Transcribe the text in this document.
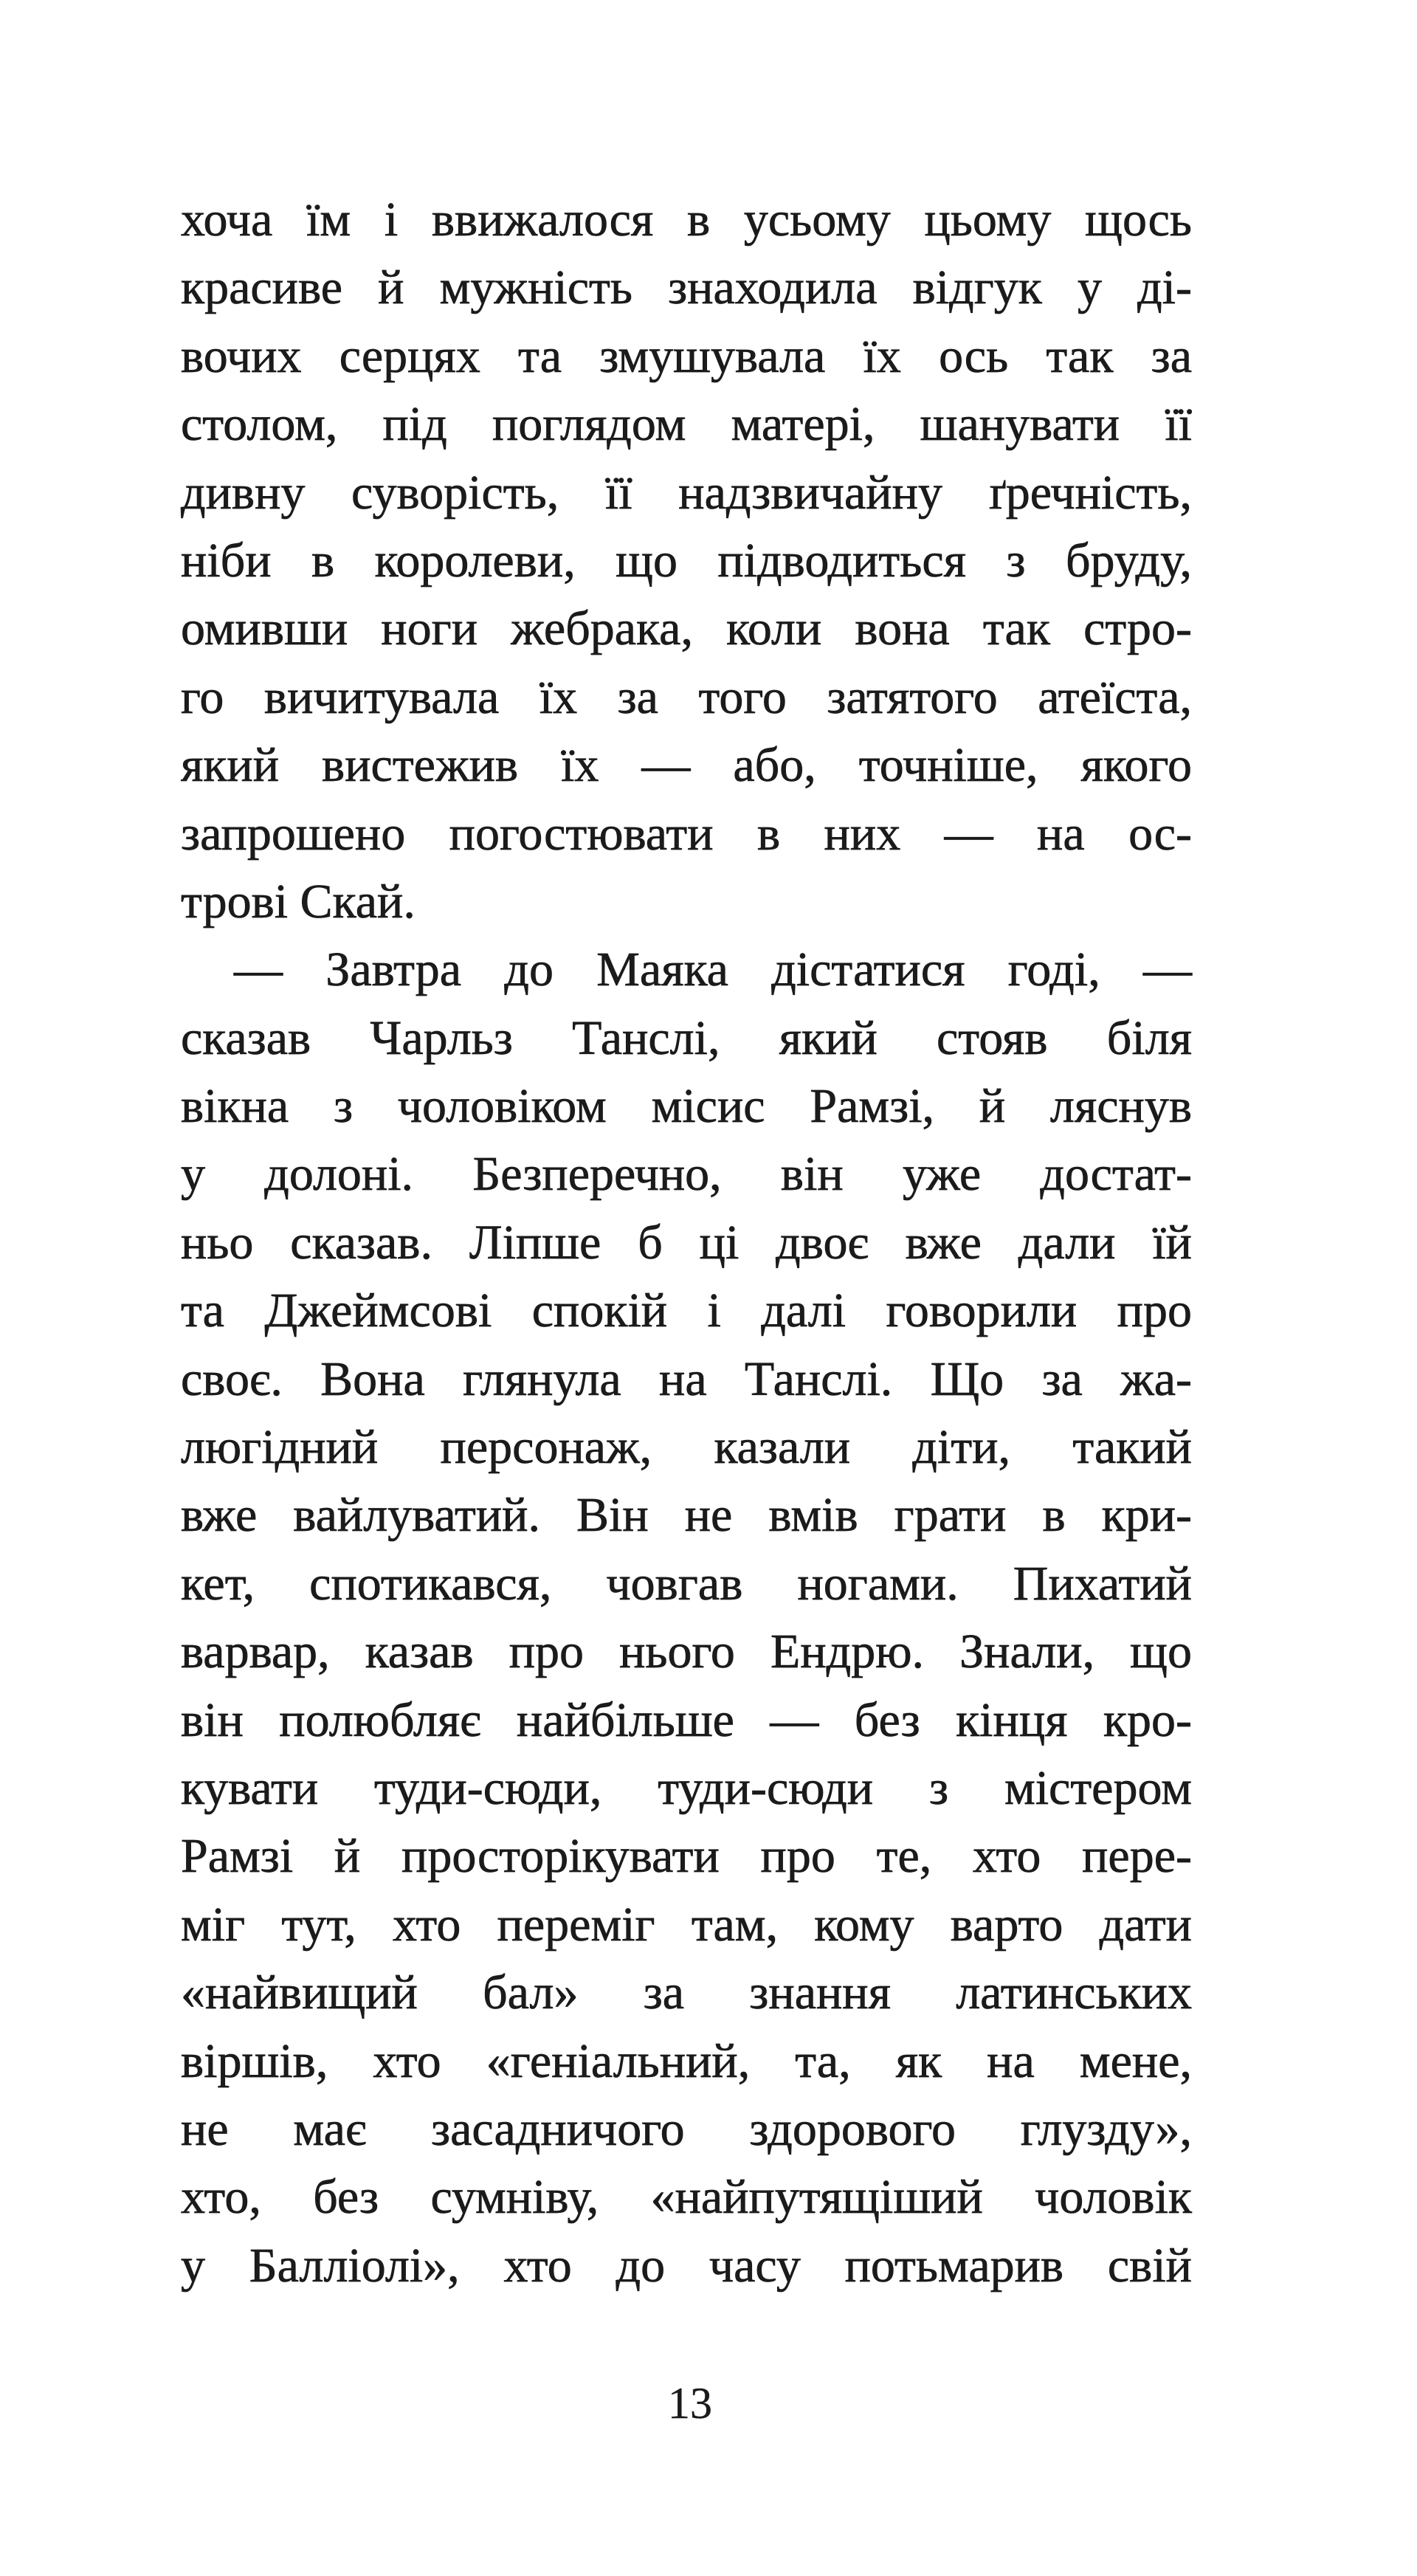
хоча їм і ввижалося в усьому цьому щось
красиве й мужність знаходила відгук у ді-
вочих серцях та змушувала їх ось так за
столом, під поглядом матері, шанувати її
дивну суворість, її надзвичайну ґречність,
ніби в королеви, що підводиться з бруду,
омивши ноги жебрака, коли вона так стро-
го вичитувала їх за того затятого атеїста,
який вистежив їх — або, точніше, якого
запрошено погостювати в них — на ос-
трові Скай.
— Завтра до Маяка дістатися годі, —
сказав Чарльз Танслі, який стояв біля
вікна з чоловіком місис Рамзі, й ляснув
у долоні. Безперечно, він уже достат-
ньо сказав. Ліпше б ці двоє вже дали їй
та Джеймсові спокій і далі говорили про
своє. Вона глянула на Танслі. Що за жа-
люгідний персонаж, казали діти, такий
вже вайлуватий. Він не вмів грати в кри-
кет, спотикався, човгав ногами. Пихатий
варвар, казав про нього Ендрю. Знали, що
він полюбляє найбільше — без кінця кро-
кувати туди-сюди, туди-сюди з містером
Рамзі й просторікувати про те, хто пере-
міг тут, хто переміг там, кому варто дати
«найвищий бал» за знання латинських
віршів, хто «геніальний, та, як на мене,
не має засадничого здорового глузду»,
хто, без сумніву, «найпутящіший чоловік
у Балліолі», хто до часу потьмарив свій
13
